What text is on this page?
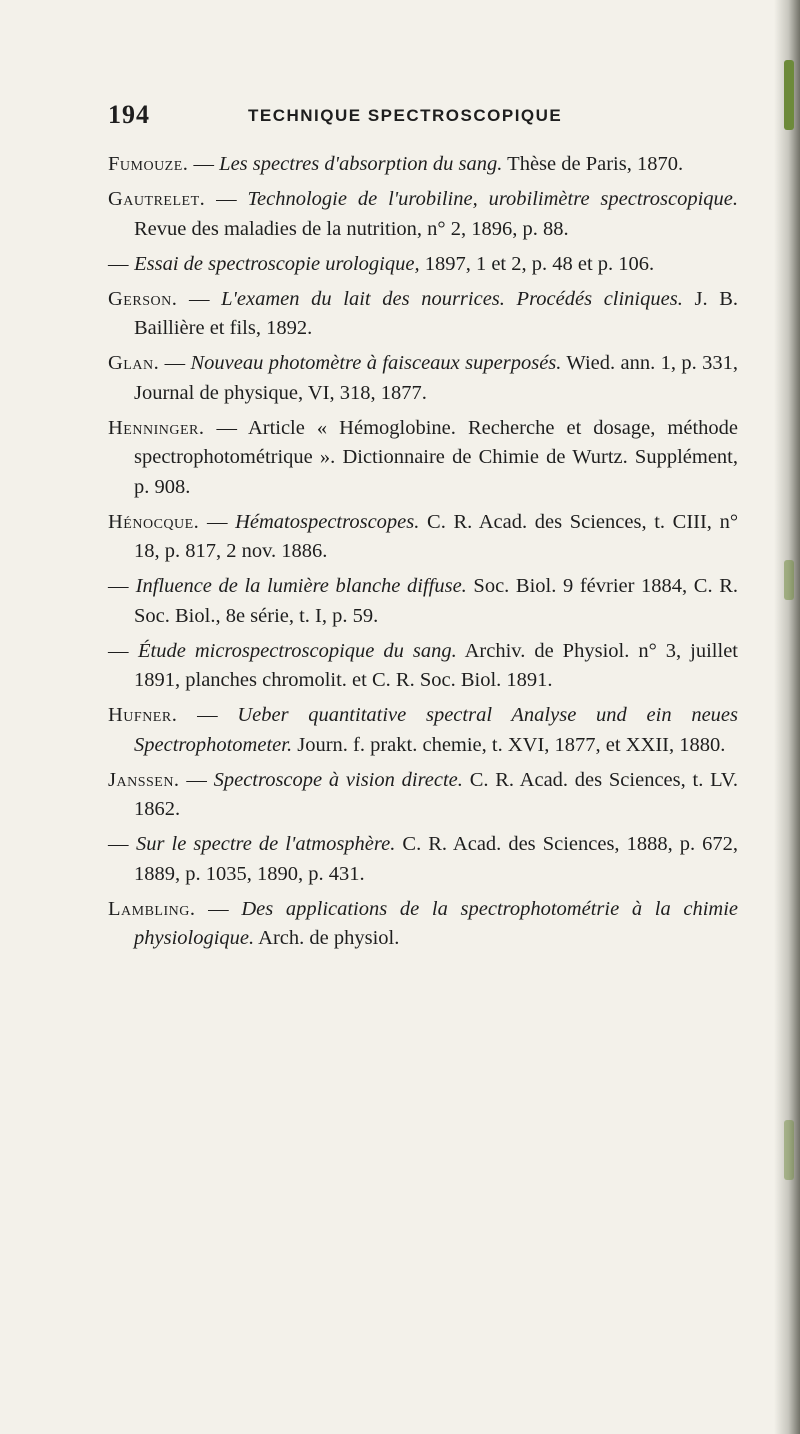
194	TECHNIQUE SPECTROSCOPIQUE

Fumouze. — Les spectres d'absorption du sang. Thèse de Paris, 1870.

Gautrelet. — Technologie de l'urobiline, urobilimètre spectroscopique. Revue des maladies de la nutrition, n° 2, 1896, p. 88.

— Essai de spectroscopie urologique, 1897, 1 et 2, p. 48 et p. 106.

Gerson. — L'examen du lait des nourrices. Procédés cliniques. J. B. Baillière et fils, 1892.

Glan. — Nouveau photomètre à faisceaux superposés. Wied. ann. 1, p. 331, Journal de physique, VI, 318, 1877.

Henninger. — Article « Hémoglobine. Recherche et dosage, méthode spectrophotométrique ». Dictionnaire de Chimie de Wurtz. Supplément, p. 908.

Hénocque. — Hématospectroscopes. C. R. Acad. des Sciences, t. CIII, n° 18, p. 817, 2 nov. 1886.

— Influence de la lumière blanche diffuse. Soc. Biol. 9 février 1884, C. R. Soc. Biol., 8e série, t. I, p. 59.

— Étude microspectroscopique du sang. Archiv. de Physiol. n° 3, juillet 1891, planches chromolit. et C. R. Soc. Biol. 1891.

Hufner. — Ueber quantitative spectral Analyse und ein neues Spectrophotometer. Journ. f. prakt. chemie, t. XVI, 1877, et XXII, 1880.

Janssen. — Spectroscope à vision directe. C. R. Acad. des Sciences, t. LV. 1862.

— Sur le spectre de l'atmosphère. C. R. Acad. des Sciences, 1888, p. 672, 1889, p. 1035, 1890, p. 431.

Lambling. — Des applications de la spectrophotométrie à la chimie physiologique. Arch. de physiol.
